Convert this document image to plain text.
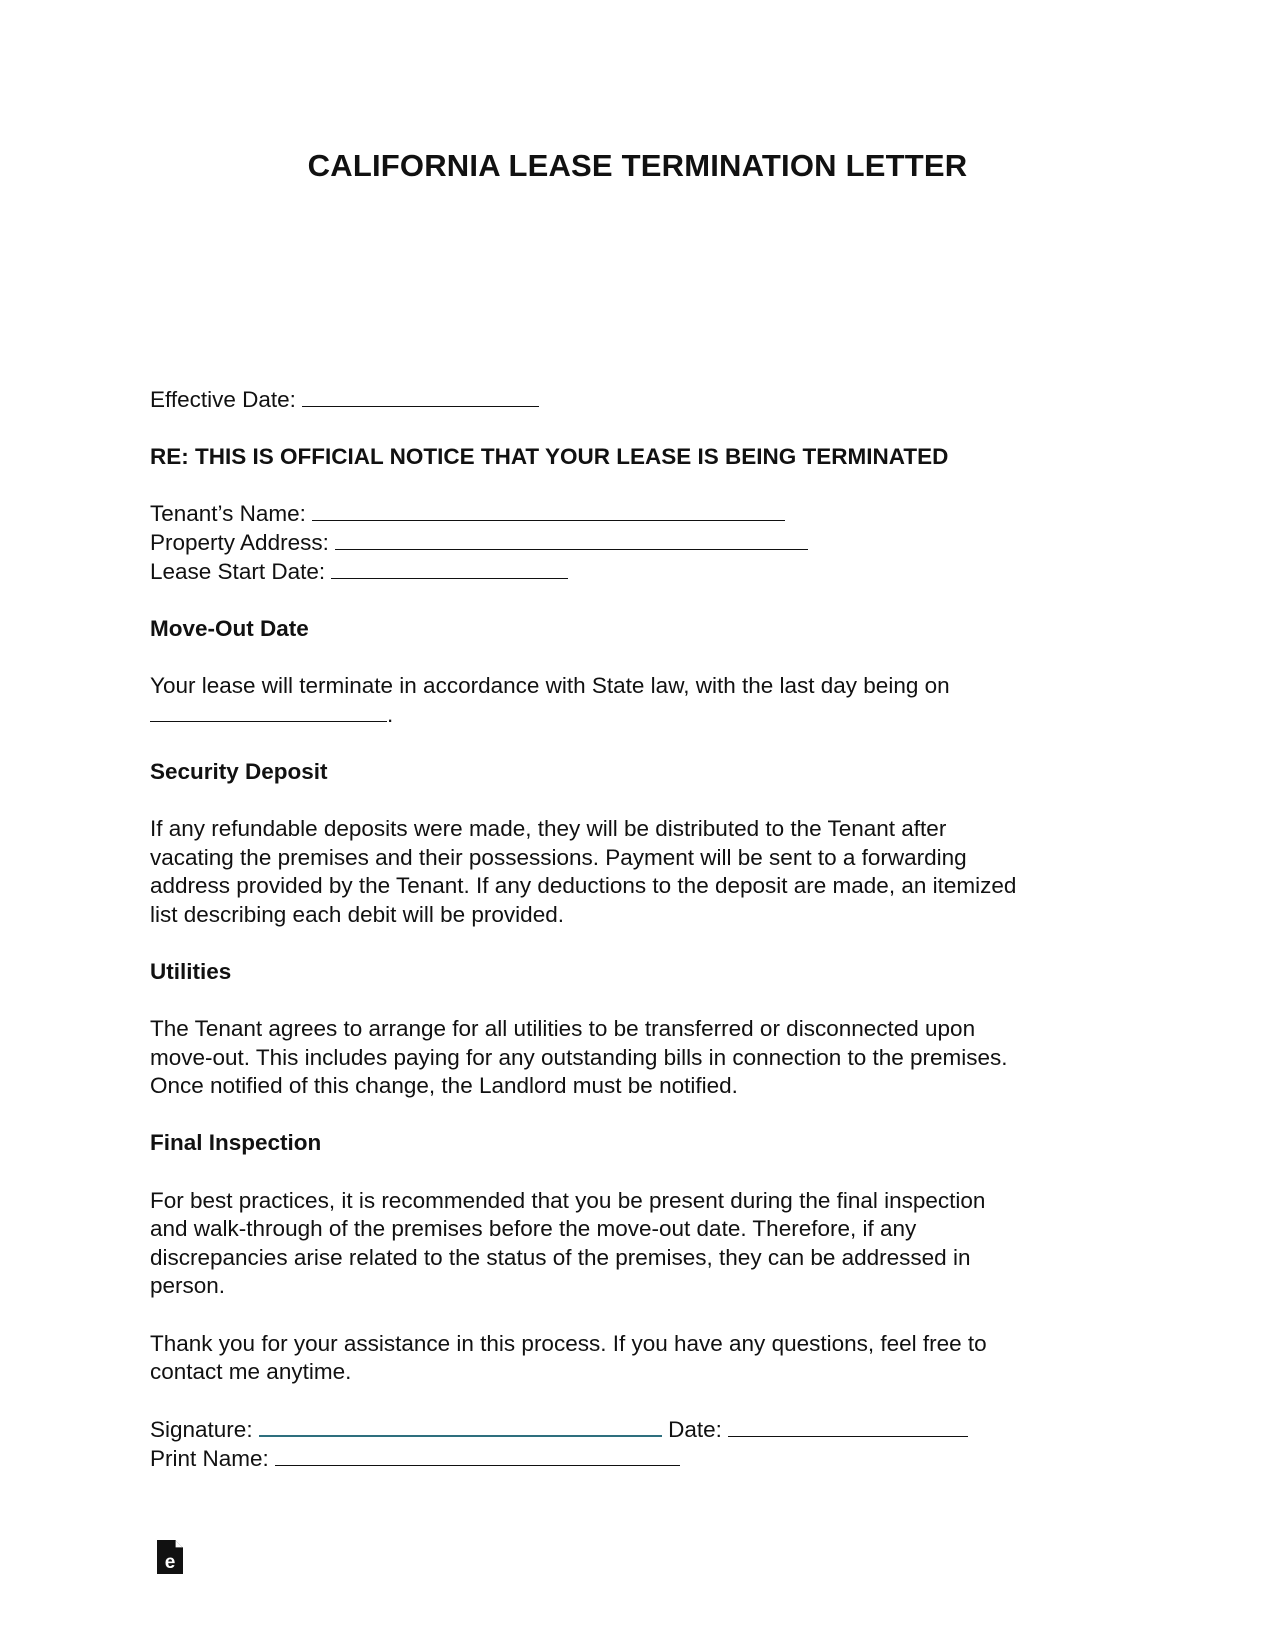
CALIFORNIA LEASE TERMINATION LETTER
Effective Date:
RE: THIS IS OFFICIAL NOTICE THAT YOUR LEASE IS BEING TERMINATED
Tenant’s Name:
Property Address:
Lease Start Date:
Move-Out Date
Your lease will terminate in accordance with State law, with the last day being on
.
Security Deposit
If any refundable deposits were made, they will be distributed to the Tenant after
vacating the premises and their possessions. Payment will be sent to a forwarding
address provided by the Tenant. If any deductions to the deposit are made, an itemized
list describing each debit will be provided.
Utilities
The Tenant agrees to arrange for all utilities to be transferred or disconnected upon
move-out. This includes paying for any outstanding bills in connection to the premises.
Once notified of this change, the Landlord must be notified.
Final Inspection
For best practices, it is recommended that you be present during the final inspection
and walk-through of the premises before the move-out date. Therefore, if any
discrepancies arise related to the status of the premises, they can be addressed in
person.
Thank you for your assistance in this process. If you have any questions, feel free to
contact me anytime.
Signature:	Date:
Print Name:
e
